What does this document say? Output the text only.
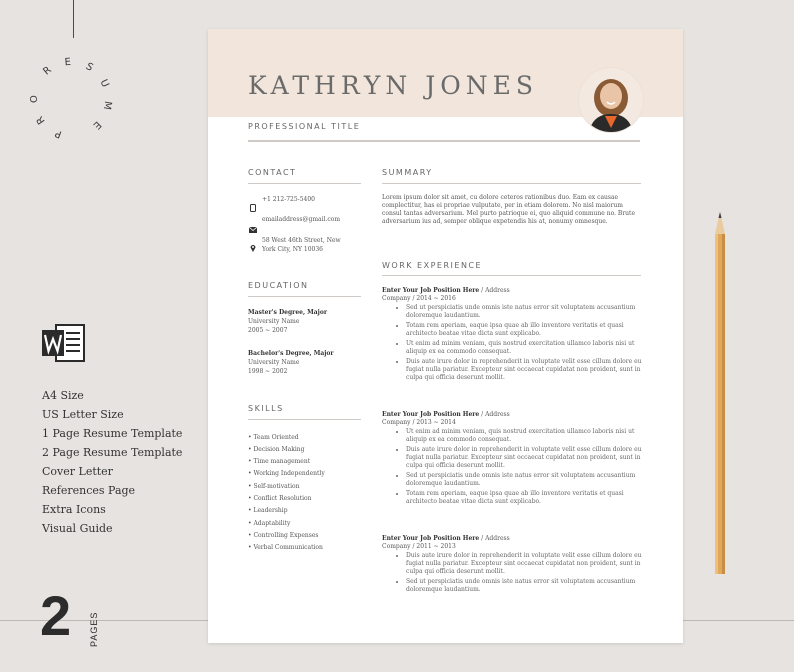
R
E	S
U
M
E
P
R
O
A4 Size
US Letter Size
1 Page Resume Template
2 Page Resume Template
Cover Letter
References Page
Extra Icons
Visual Guide
2 PAGES
KATHRYN JONES
PROFESSIONAL TITLE
CONTACT
+1 212-725-5400
emailaddress@gmail.com
58 West 46th Street, New
York City, NY 10036
EDUCATION
Master's Degree, Major
University Name
2005 ~ 2007
Bachelor's Degree, Major
University Name
1998 ~ 2002
SKILLS
• Team Oriented
• Decision Making
• Time management
• Working Independently
• Self-motivation
• Conflict Resolution
• Leadership
• Adaptability
• Controlling Expenses
• Verbal Communication
SUMMARY
Lorem ipsum dolor sit amet, cu dolore ceteros rationibus duo. Eam ex causae complectitur, has ei propriae vulputate, per in etiam dolorem. No nisl maiorum consul tantas adversarium. Mel purto patrioque ei, quo aliquid commune no. Brute adversarium ius ad, semper oblique expetendis his at, nonumy omnesque.
WORK EXPERIENCE
Enter Your Job Position Here / Address
Company / 2014 ~ 2016
• Sed ut perspiciatis unde omnis iste natus error sit voluptatem accusantium doloremque laudantium.
• Totam rem aperiam, eaque ipsa quae ab illo inventore veritatis et quasi architecto beatae vitae dicta sunt explicabo.
• Ut enim ad minim veniam, quis nostrud exercitation ullamco laboris nisi ut aliquip ex ea commodo consequat.
• Duis aute irure dolor in reprehenderit in voluptate velit esse cillum dolore eu fugiat nulla pariatur. Excepteur sint occaecat cupidatat non proident, sunt in culpa qui officia deserunt mollit.
Enter Your Job Position Here / Address
Company / 2013 ~ 2014
• Ut enim ad minim veniam, quis nostrud exercitation ullamco laboris nisi ut aliquip ex ea commodo consequat.
• Duis aute irure dolor in reprehenderit in voluptate velit esse cillum dolore eu fugiat nulla pariatur. Excepteur sint occaecat cupidatat non proident, sunt in culpa qui officia deserunt mollit.
• Sed ut perspiciatis unde omnis iste natus error sit voluptatem accusantium doloremque laudantium.
• Totam rem aperiam, eaque ipsa quae ab illo inventore veritatis et quasi architecto beatae vitae dicta sunt explicabo.
Enter Your Job Position Here / Address
Company / 2011 ~ 2013
• Duis aute irure dolor in reprehenderit in voluptate velit esse cillum dolore eu fugiat nulla pariatur. Excepteur sint occaecat cupidatat non proident, sunt in culpa qui officia deserunt mollit.
• Sed ut perspiciatis unde omnis iste natus error sit voluptatem accusantium doloremque laudantium.
